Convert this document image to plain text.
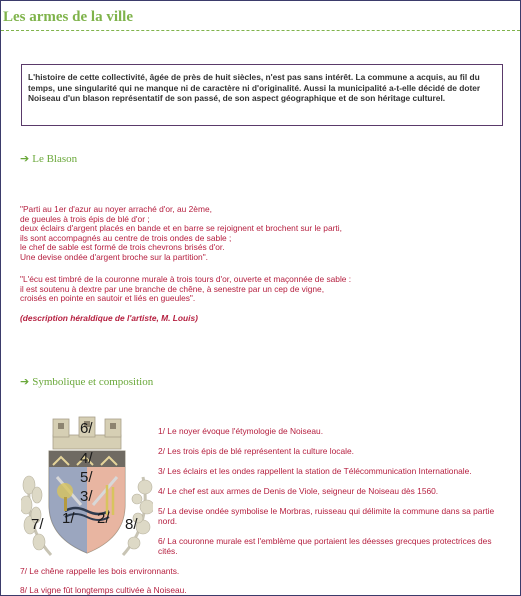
Les armes de la ville
L'histoire de cette collectivité, âgée de près de huit siècles, n'est pas sans intérêt. La commune a acquis, au fil du temps, une singularité qui ne manque ni de caractère ni d'originalité. Aussi la municipalité a-t-elle décidé de doter Noiseau d'un blason représentatif de son passé, de son aspect géographique et de son héritage culturel.
➔ Le Blason

"Parti au 1er d'azur au noyer arraché d'or, au 2ème,

de gueules à trois épis de blé d'or ;

deux éclairs d'argent placés en bande et en barre se rejoignent et brochent sur le parti,

ils sont accompagnés au centre de trois ondes de sable ;

le chef de sable est formé de trois chevrons brisés d'or.

Une devise ondée d'argent broche sur la partition".

"L'écu est timbré de la couronne murale à trois tours d'or, ouverte et maçonnée de sable :

il est soutenu à dextre par une branche de chêne, à senestre par un cep de vigne,

croisés en pointe en sautoir et liés en gueules".

(description héraldique de l'artiste, M. Louis)
➔ Symbolique et composition
6/
4/
5/
3/
1/ 2/
7/	8/

1/ Le noyer évoque l'étymologie de Noiseau.

2/ Les trois épis de blé représentent la culture locale.

3/ Les éclairs et les ondes rappellent la station de Télécommunication Internationale.

4/ Le chef est aux armes de Denis de Viole, seigneur de Noiseau dès 1560.

5/ La devise ondée symbolise le Morbras, ruisseau qui délimite la commune dans sa partie nord.

6/ La couronne murale est l'emblème que portaient les déesses grecques protectrices des cités.

7/ Le chêne rappelle les bois environnants.
8/ La vigne fût longtemps cultivée à Noiseau.
